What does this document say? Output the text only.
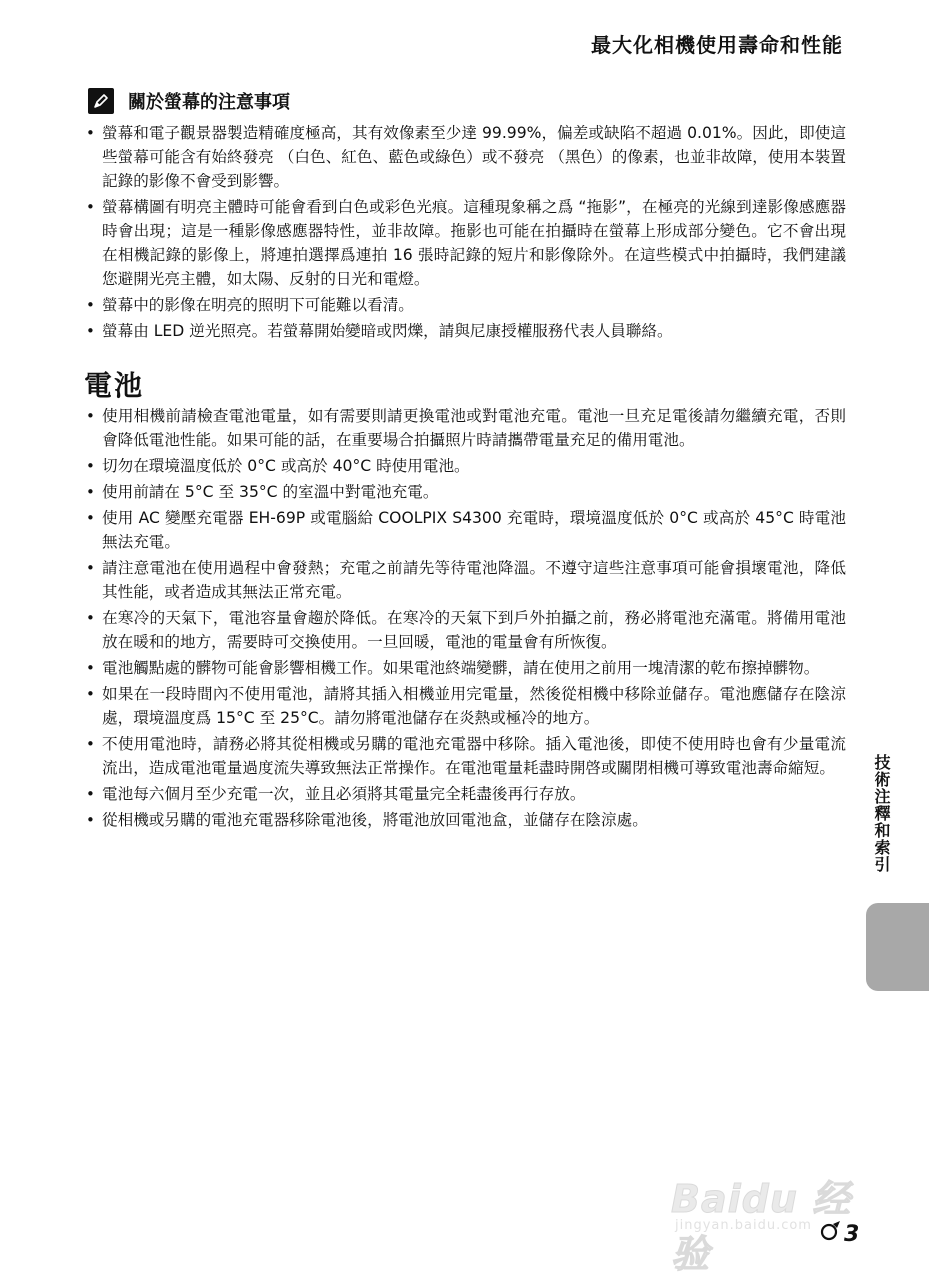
最大化相機使用壽命和性能
關於螢幕的注意事項
• 螢幕和電子觀景器製造精確度極高，其有效像素至少達 99.99%，偏差或缺陷不超過 0.01%。因此，即使這些螢幕可能含有始終發亮 （白色、紅色、藍色或綠色）或不發亮 （黑色）的像素，也並非故障，使用本裝置記錄的影像不會受到影響。
• 螢幕構圖有明亮主體時可能會看到白色或彩色光痕。這種現象稱之爲 “拖影”，在極亮的光線到達影像感應器時會出現；這是一種影像感應器特性，並非故障。拖影也可能在拍攝時在螢幕上形成部分變色。它不會出現在相機記錄的影像上，將連拍選擇爲連拍 16 張時記錄的短片和影像除外。在這些模式中拍攝時，我們建議您避開光亮主體，如太陽、反射的日光和電燈。
• 螢幕中的影像在明亮的照明下可能難以看清。
• 螢幕由 LED 逆光照亮。若螢幕開始變暗或閃爍，請與尼康授權服務代表人員聯絡。
電池
• 使用相機前請檢查電池電量，如有需要則請更換電池或對電池充電。電池一旦充足電後請勿繼續充電，否則會降低電池性能。如果可能的話，在重要場合拍攝照片時請攜帶電量充足的備用電池。
• 切勿在環境溫度低於 0°C 或高於 40°C 時使用電池。
• 使用前請在 5°C 至 35°C 的室溫中對電池充電。
• 使用 AC 變壓充電器 EH-69P 或電腦給 COOLPIX S4300 充電時，環境溫度低於 0°C 或高於 45°C 時電池無法充電。
• 請注意電池在使用過程中會發熱；充電之前請先等待電池降溫。不遵守這些注意事項可能會損壞電池，降低其性能，或者造成其無法正常充電。
• 在寒冷的天氣下，電池容量會趨於降低。在寒冷的天氣下到戶外拍攝之前，務必將電池充滿電。將備用電池放在暖和的地方，需要時可交換使用。一旦回暖，電池的電量會有所恢復。
• 電池觸點處的髒物可能會影響相機工作。如果電池終端變髒，請在使用之前用一塊清潔的乾布擦掉髒物。
• 如果在一段時間內不使用電池，請將其插入相機並用完電量，然後從相機中移除並儲存。電池應儲存在陰涼處，環境溫度爲 15°C 至 25°C。請勿將電池儲存在炎熱或極冷的地方。
• 不使用電池時，請務必將其從相機或另購的電池充電器中移除。插入電池後，即使不使用時也會有少量電流流出，造成電池電量過度流失導致無法正常操作。在電池電量耗盡時開啓或關閉相機可導致電池壽命縮短。
• 電池每六個月至少充電一次，並且必須將其電量完全耗盡後再行存放。
• 從相機或另購的電池充電器移除電池後，將電池放回電池盒，並儲存在陰涼處。	技術注釋和索引
Baidu 经验
jingyan.baidu.com 3
